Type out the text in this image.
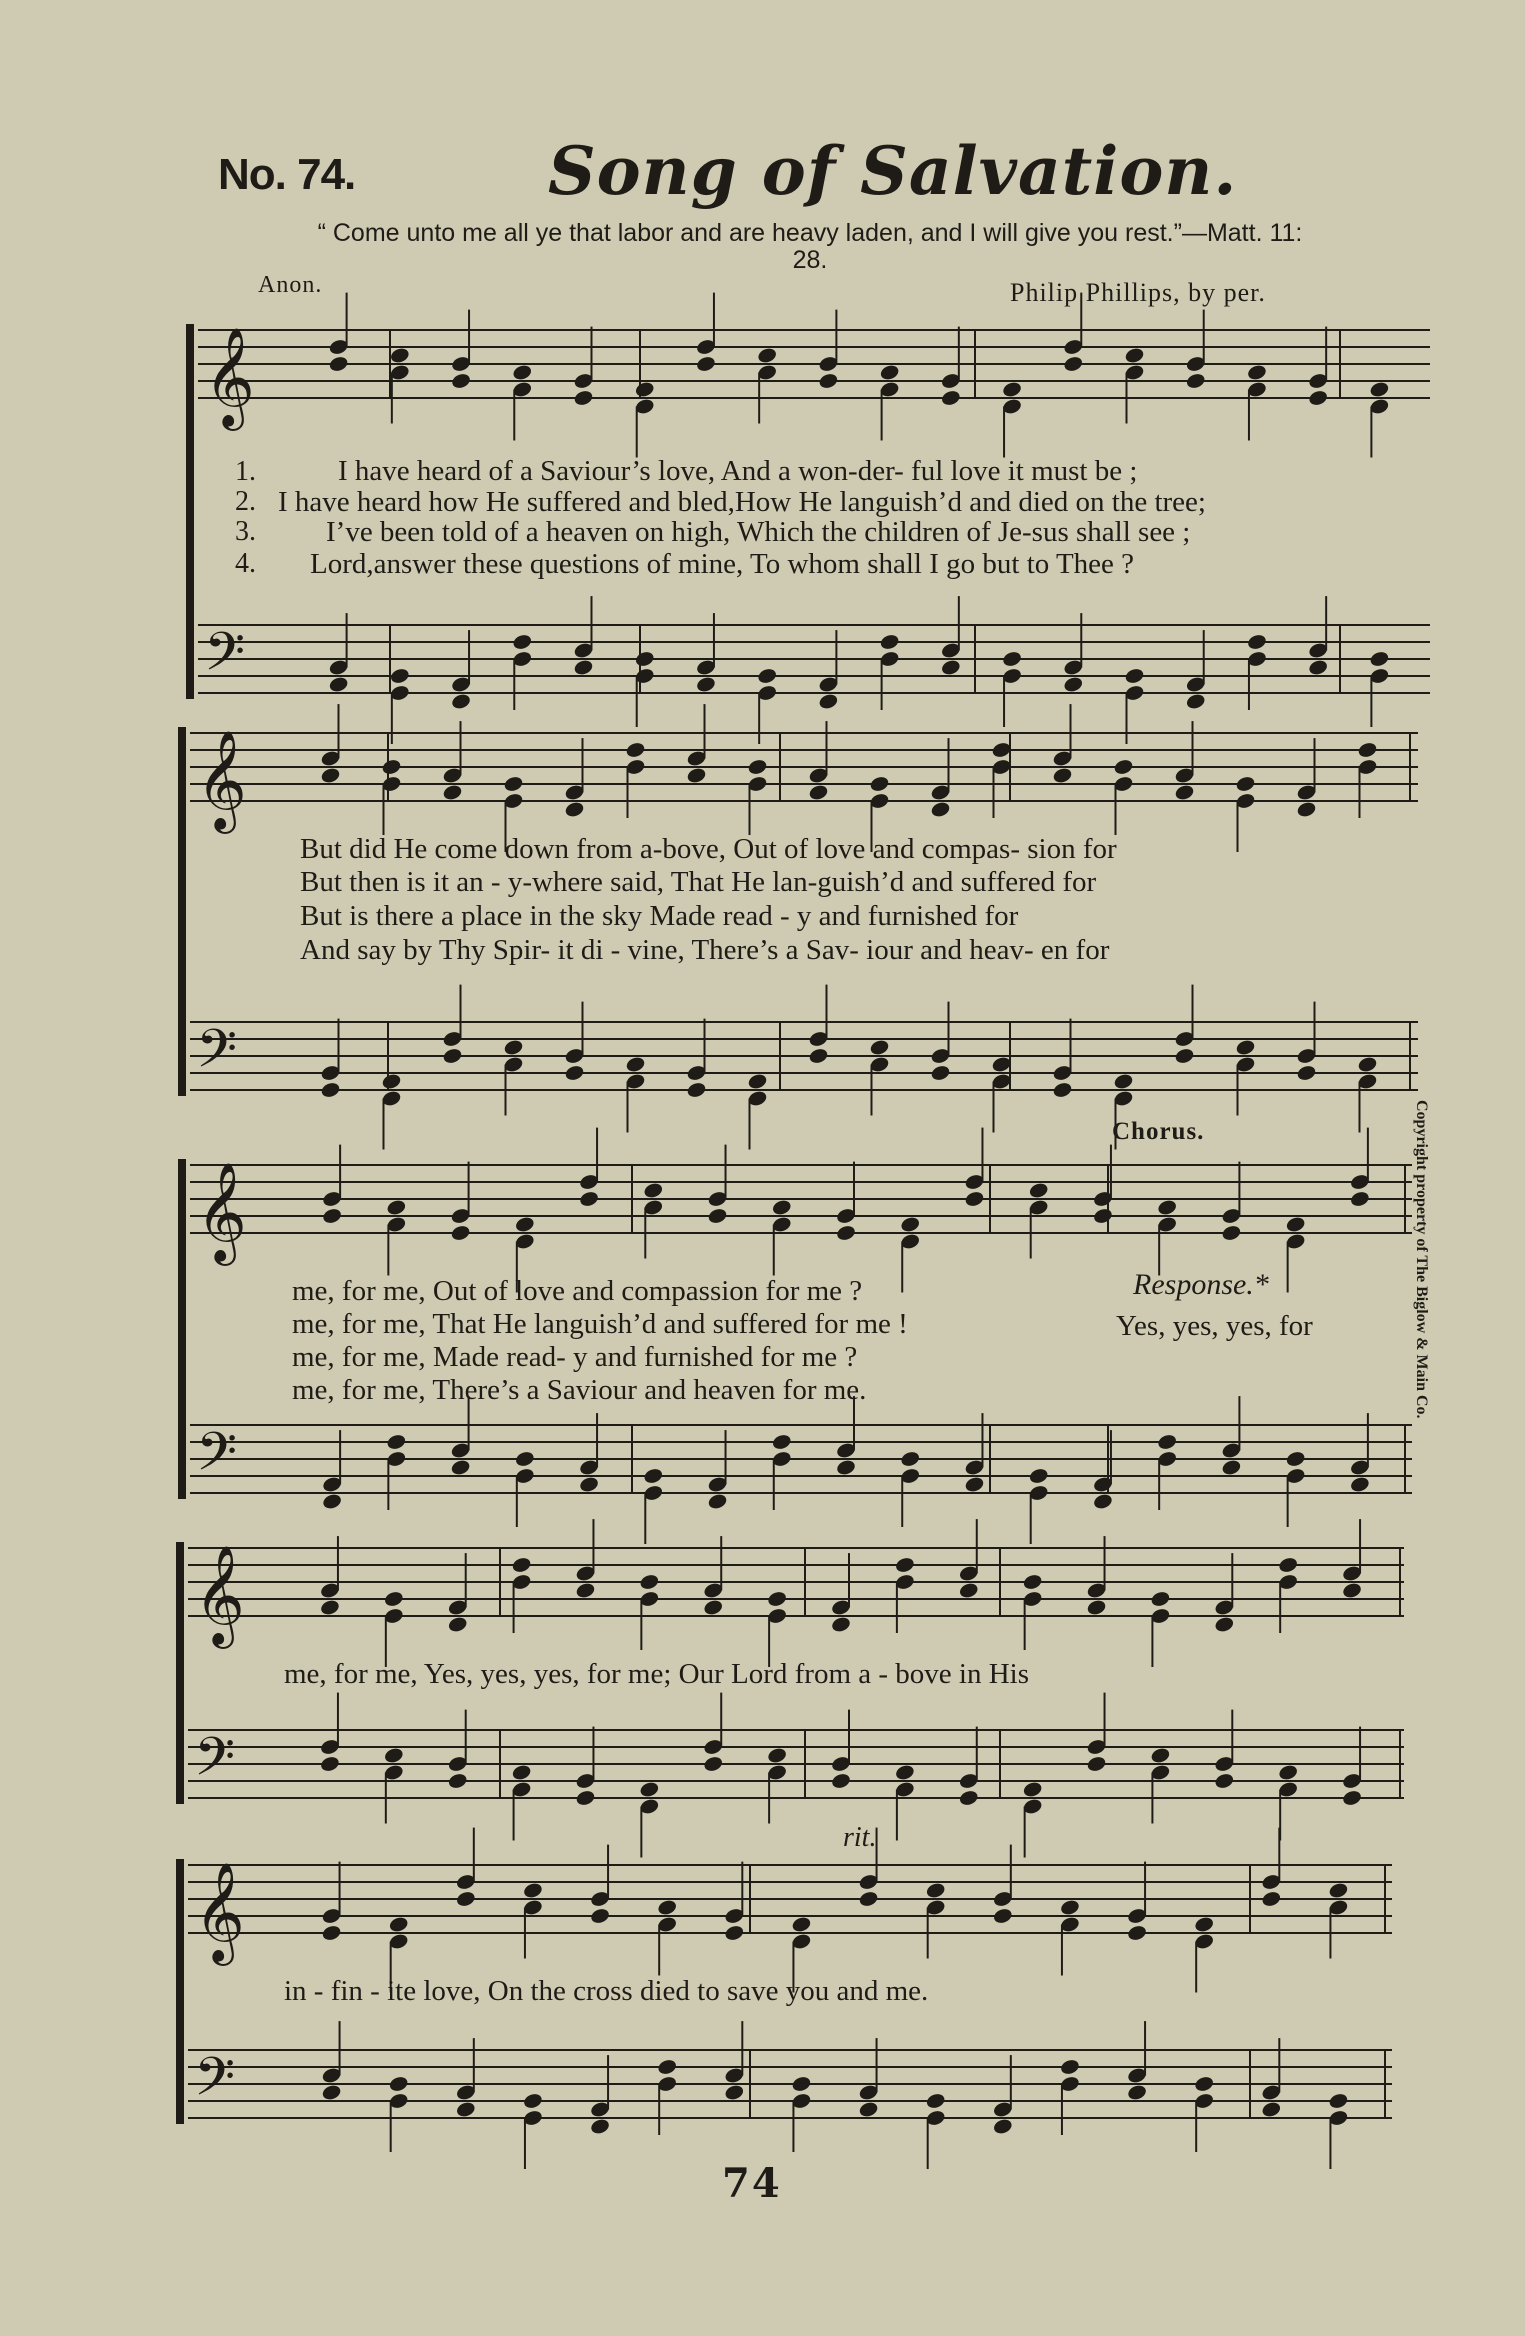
No. 74.	Song of Salvation.
“ Come unto me all ye that labor and are heavy laden, and I will give you rest.”—Matt. 11: 28.
Anon.	Philip Phillips, by per.
𝄞
𝄢
𝄞
𝄢
𝄞
𝄢
𝄞
𝄢
𝄞
𝄢
1.	I have heard of a Saviour’s love, And a won-der- ful love it must be ;
2. I have heard how He suffered and bled,How He languish’d and died on the tree;
3. I’ve been told of a heaven on high, Which the children of Je-sus shall see ;
4. Lord,answer these questions of mine, To whom shall I go but to Thee ?
But did He come down from a-bove, Out of love and compas- sion for
But then is it an - y-where said, That He lan-guish’d and suffered for
But is there a place in the sky Made read - y and furnished for
And say by Thy Spir- it di - vine, There’s a Sav- iour and heav- en for
Chorus.
me, for me, Out of love and compassion for me ?
me, for me, That He languish’d and suffered for me !
me, for me, Made read- y and furnished for me ?
me, for me, There’s a Saviour and heaven for me.
Response.*
Yes, yes, yes, for
me, for me, Yes, yes, yes, for me; Our Lord from a - bove in His
rit.
in - fin - ite love, On the cross died to save you and me.
Copyright property of The Biglow & Main Co.
74
